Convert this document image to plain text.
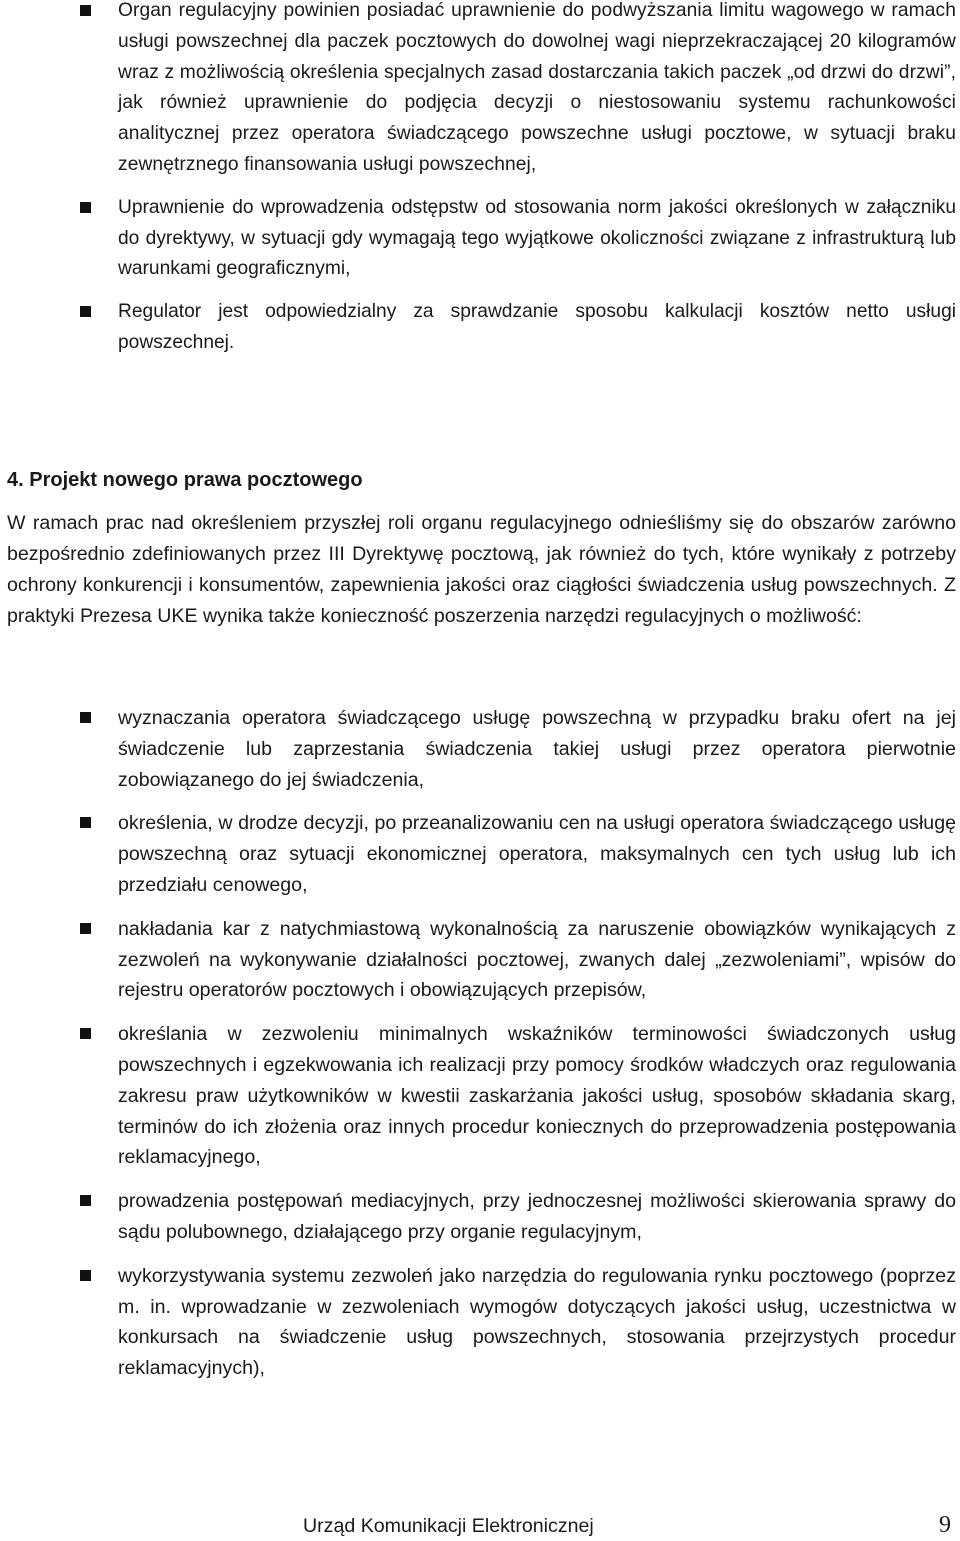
Organ regulacyjny powinien posiadać uprawnienie do podwyższania limitu wagowego w ramach usługi powszechnej dla paczek pocztowych do dowolnej wagi nieprzekraczającej 20 kilogramów wraz z możliwością określenia specjalnych zasad dostarczania takich paczek „od drzwi do drzwi”, jak również uprawnienie do podjęcia decyzji o niestosowaniu systemu rachunkowości analitycznej przez operatora świadczącego powszechne usługi pocztowe, w sytuacji braku zewnętrznego finansowania usługi powszechnej,
Uprawnienie do wprowadzenia odstępstw od stosowania norm jakości określonych w załączniku do dyrektywy, w sytuacji gdy wymagają tego wyjątkowe okoliczności związane z infrastrukturą lub warunkami geograficznymi,
Regulator jest odpowiedzialny za sprawdzanie sposobu kalkulacji kosztów netto usługi powszechnej.
4. Projekt nowego prawa pocztowego

W ramach prac nad określeniem przyszłej roli organu regulacyjnego odnieśliśmy się do obszarów zarówno bezpośrednio zdefiniowanych przez III Dyrektywę pocztową, jak również do tych, które wynikały z potrzeby ochrony konkurencji i konsumentów, zapewnienia jakości oraz ciągłości świadczenia usług powszechnych. Z praktyki Prezesa UKE wynika także konieczność poszerzenia narzędzi regulacyjnych o możliwość:

wyznaczania operatora świadczącego usługę powszechną w przypadku braku ofert na jej świadczenie lub zaprzestania świadczenia takiej usługi przez operatora pierwotnie zobowiązanego do jej świadczenia,
określenia, w drodze decyzji, po przeanalizowaniu cen na usługi operatora świadczącego usługę powszechną oraz sytuacji ekonomicznej operatora, maksymalnych cen tych usług lub ich przedziału cenowego,
nakładania kar z natychmiastową wykonalnością za naruszenie obowiązków wynikających z zezwoleń na wykonywanie działalności pocztowej, zwanych dalej „zezwoleniami”, wpisów do rejestru operatorów pocztowych i obowiązujących przepisów,
określania w zezwoleniu minimalnych wskaźników terminowości świadczonych usług powszechnych i egzekwowania ich realizacji przy pomocy środków władczych oraz regulowania zakresu praw użytkowników w kwestii zaskarżania jakości usług, sposobów składania skarg, terminów do ich złożenia oraz innych procedur koniecznych do przeprowadzenia postępowania reklamacyjnego,
prowadzenia postępowań mediacyjnych, przy jednoczesnej możliwości skierowania sprawy do sądu polubownego, działającego przy organie regulacyjnym,
wykorzystywania systemu zezwoleń jako narzędzia do regulowania rynku pocztowego (poprzez m. in. wprowadzanie w zezwoleniach wymogów dotyczących jakości usług, uczestnictwa w konkursach na świadczenie usług powszechnych, stosowania przejrzystych procedur reklamacyjnych),
Urząd Komunikacji Elektronicznej	9
